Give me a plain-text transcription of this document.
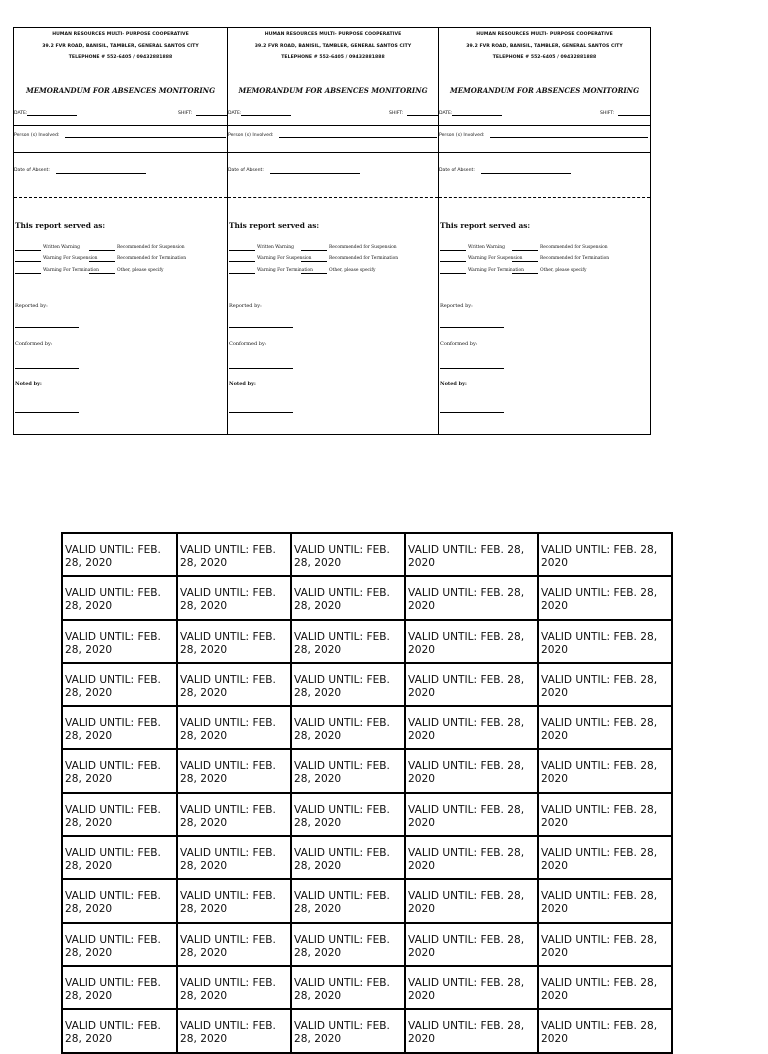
HUMAN RESOURCES MULTI- PURPOSE COOPERATIVE
39.2 FVR ROAD, BANISIL, TAMBLER, GENERAL SANTOS CITY
TELEPHONE # 552-6405 / 09432881888
MEMORANDUM FOR ABSENCES MONITORING
DATE:	SHIFT:
Person (s) Involved:
Date of Absent:
This report served as:
Written Warning	Recommended for Suspension
Warning For Suspension	Recommended for Termination
Warning For Termination	Other, please specify
Reported by:
Conformed by:
Noted by:
HUMAN RESOURCES MULTI- PURPOSE COOPERATIVE
39.2 FVR ROAD, BANISIL, TAMBLER, GENERAL SANTOS CITY
TELEPHONE # 552-6405 / 09432881888
MEMORANDUM FOR ABSENCES MONITORING
DATE:	SHIFT:
Person (s) Involved:
Date of Absent:
This report served as:
Written Warning	Recommended for Suspension
Warning For Suspension	Recommended for Termination
Warning For Termination	Other, please specify
Reported by:
Conformed by:
Noted by:
HUMAN RESOURCES MULTI- PURPOSE COOPERATIVE
39.2 FVR ROAD, BANISIL, TAMBLER, GENERAL SANTOS CITY
TELEPHONE # 552-6405 / 09432881888
MEMORANDUM FOR ABSENCES MONITORING
DATE:	SHIFT:
Person (s) Involved:
Date of Absent:
This report served as:
Written Warning	Recommended for Suspension
Warning For Suspension	Recommended for Termination
Warning For Termination	Other, please specify
Reported by:
Conformed by:
Noted by:
VALID UNTIL: FEB.
28, 2020	VALID UNTIL: FEB.
28, 2020	VALID UNTIL: FEB.
28, 2020	VALID UNTIL: FEB. 28,
2020	VALID UNTIL: FEB. 28,
2020
VALID UNTIL: FEB.
28, 2020	VALID UNTIL: FEB.
28, 2020	VALID UNTIL: FEB.
28, 2020	VALID UNTIL: FEB. 28,
2020	VALID UNTIL: FEB. 28,
2020
VALID UNTIL: FEB.
28, 2020	VALID UNTIL: FEB.
28, 2020	VALID UNTIL: FEB.
28, 2020	VALID UNTIL: FEB. 28,
2020	VALID UNTIL: FEB. 28,
2020
VALID UNTIL: FEB.
28, 2020	VALID UNTIL: FEB.
28, 2020	VALID UNTIL: FEB.
28, 2020	VALID UNTIL: FEB. 28,
2020	VALID UNTIL: FEB. 28,
2020
VALID UNTIL: FEB.
28, 2020	VALID UNTIL: FEB.
28, 2020	VALID UNTIL: FEB.
28, 2020	VALID UNTIL: FEB. 28,
2020	VALID UNTIL: FEB. 28,
2020
VALID UNTIL: FEB.
28, 2020	VALID UNTIL: FEB.
28, 2020	VALID UNTIL: FEB.
28, 2020	VALID UNTIL: FEB. 28,
2020	VALID UNTIL: FEB. 28,
2020
VALID UNTIL: FEB.
28, 2020	VALID UNTIL: FEB.
28, 2020	VALID UNTIL: FEB.
28, 2020	VALID UNTIL: FEB. 28,
2020	VALID UNTIL: FEB. 28,
2020
VALID UNTIL: FEB.
28, 2020	VALID UNTIL: FEB.
28, 2020	VALID UNTIL: FEB.
28, 2020	VALID UNTIL: FEB. 28,
2020	VALID UNTIL: FEB. 28,
2020
VALID UNTIL: FEB.
28, 2020	VALID UNTIL: FEB.
28, 2020	VALID UNTIL: FEB.
28, 2020	VALID UNTIL: FEB. 28,
2020	VALID UNTIL: FEB. 28,
2020
VALID UNTIL: FEB.
28, 2020	VALID UNTIL: FEB.
28, 2020	VALID UNTIL: FEB.
28, 2020	VALID UNTIL: FEB. 28,
2020	VALID UNTIL: FEB. 28,
2020
VALID UNTIL: FEB.
28, 2020	VALID UNTIL: FEB.
28, 2020	VALID UNTIL: FEB.
28, 2020	VALID UNTIL: FEB. 28,
2020	VALID UNTIL: FEB. 28,
2020
VALID UNTIL: FEB.
28, 2020	VALID UNTIL: FEB.
28, 2020	VALID UNTIL: FEB.
28, 2020	VALID UNTIL: FEB. 28,
2020	VALID UNTIL: FEB. 28,
2020
